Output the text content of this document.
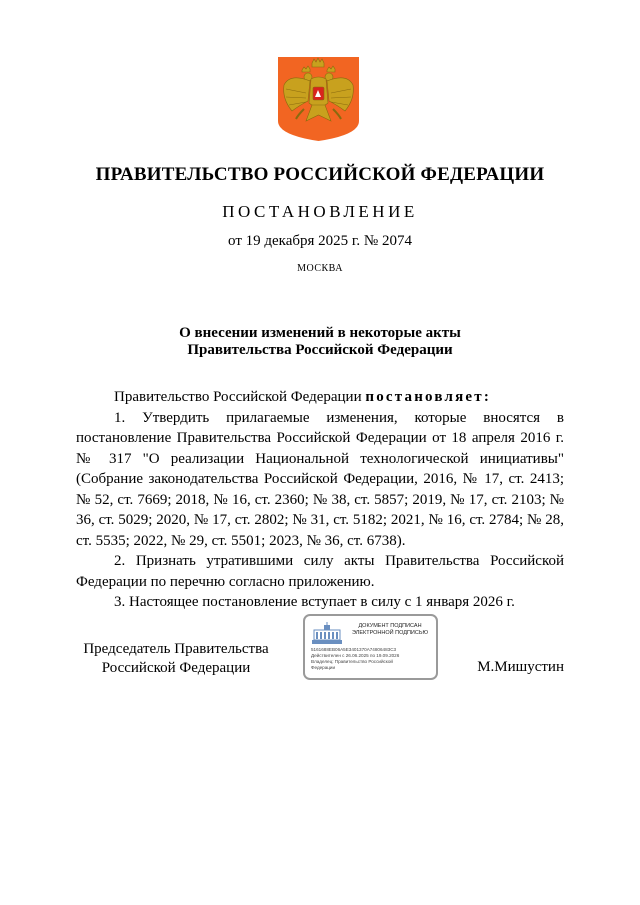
ПРАВИТЕЛЬСТВО РОССИЙСКОЙ ФЕДЕРАЦИИ
ПОСТАНОВЛЕНИЕ
от 19 декабря 2025 г. № 2074
МОСКВА
О внесении изменений в некоторые акты
Правительства Российской Федерации

Правительство Российской Федерации постановляет:

1. Утвердить прилагаемые изменения, которые вносятся в постановление Правительства Российской Федерации от 18 апреля 2016 г. № 317 "О реализации Национальной технологической инициативы" (Собрание законодательства Российской Федерации, 2016, № 17, ст. 2413; № 52, ст. 7669; 2018, № 16, ст. 2360; № 38, ст. 5857; 2019, № 17, ст. 2103; № 36, ст. 5029; 2020, № 17, ст. 2802; № 31, ст. 5182; 2021, № 16, ст. 2784; № 28, ст. 5535; 2022, № 29, ст. 5501; 2023, № 36, ст. 6738).

2. Признать утратившими силу акты Правительства Российской Федерации по перечню согласно приложению.

3. Настоящее постановление вступает в силу с 1 января 2026 г.

Председатель Правительства
Российской Федерации
ДОКУМЕНТ ПОДПИСАН
ЭЛЕКТРОННОЙ ПОДПИСЬЮ
5161688EB06A5E3401370A74806483C3
Действителен с 26.06.2025 по 19.09.2026
Владелец: Правительство Российской
Федерации	М.Мишустин
